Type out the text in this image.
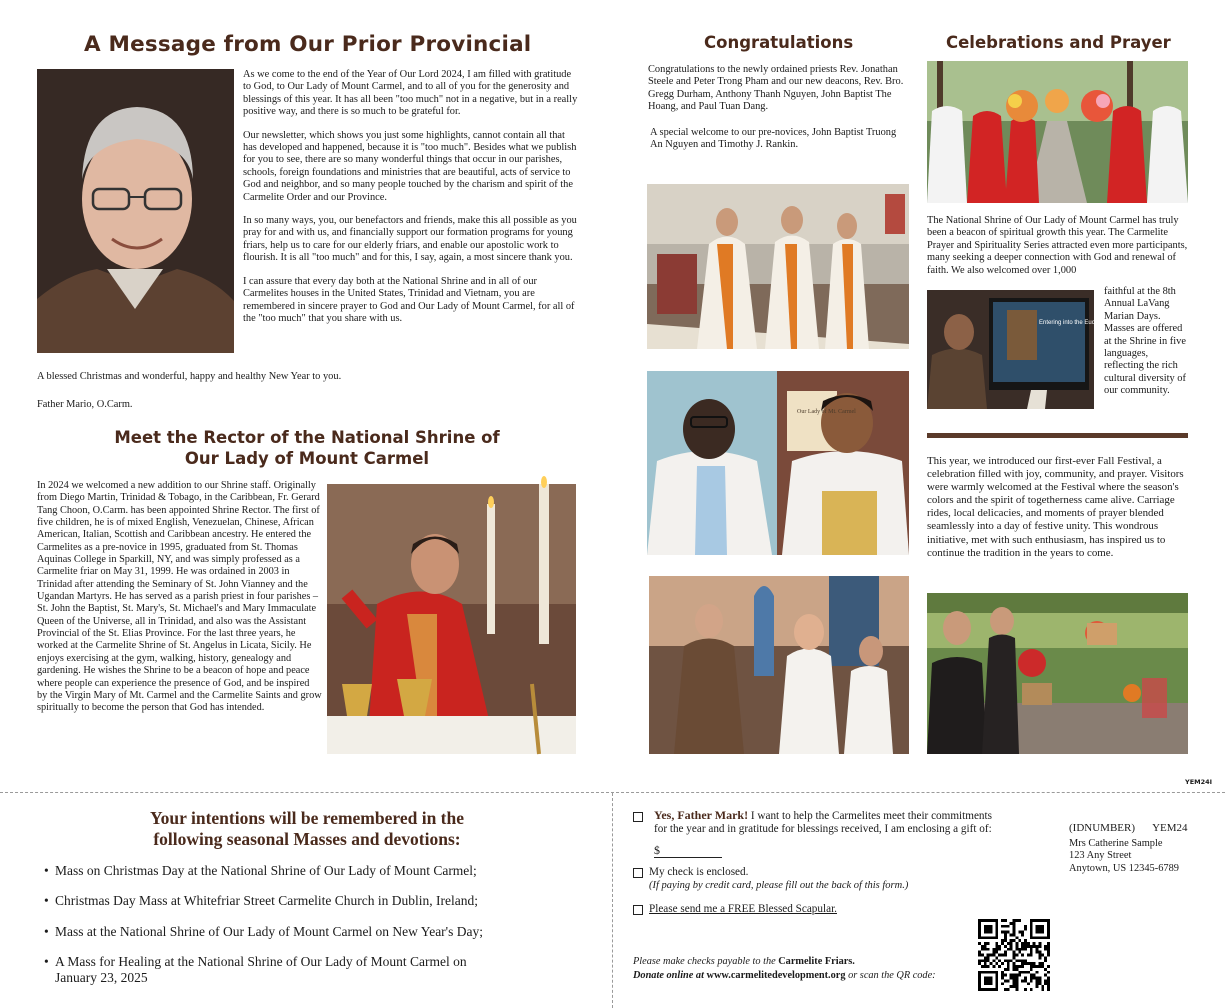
A Message from Our Prior Provincial

As we come to the end of the Year of Our Lord 2024, I am filled with gratitude to God, to Our Lady of Mount Carmel, and to all of you for the generosity and blessings of this year. It has all been "too much" not in a negative, but in a really positive way, and there is so much to be grateful for.

Our newsletter, which shows you just some highlights, cannot contain all that has developed and happened, because it is "too much". Besides what we publish for you to see, there are so many wonderful things that occur in our parishes, schools, foreign foundations and ministries that are beautiful, acts of service to God and neighbor, and so many people touched by the charism and spirit of the Carmelite Order and our Province.

In so many ways, you, our benefactors and friends, make this all possible as you pray for and with us, and financially support our formation programs for young friars, help us to care for our elderly friars, and enable our apostolic work to flourish. It is all "too much" and for this, I say, again, a most sincere thank you.

I can assure that every day both at the National Shrine and in all of our Carmelites houses in the United States, Trinidad and Vietnam, you are remembered in sincere prayer to God and Our Lady of Mount Carmel, for all of the "too much" that you share with us.

A blessed Christmas and wonderful, happy and healthy New Year to you.
Father Mario, O.Carm.
Meet the Rector of the National Shrine of
Our Lady of Mount Carmel
In 2024 we welcomed a new addition to our Shrine staff. Originally from Diego Martin, Trinidad & Tobago, in the Caribbean, Fr. Gerard Tang Choon, O.Carm. has been appointed Shrine Rector. The first of five children, he is of mixed English, Venezuelan, Chinese, African American, Italian, Scottish and Caribbean ancestry. He entered the Carmelites as a pre-novice in 1995, graduated from St. Thomas Aquinas College in Sparkill, NY, and was simply professed as a Carmelite friar on May 31, 1999. He was ordained in 2003 in Trinidad after attending the Seminary of St. John Vianney and the Ugandan Martyrs. He has served as a parish priest in four parishes – St. John the Baptist, St. Mary's, St. Michael's and Mary Immaculate Queen of the Universe, all in Trinidad, and also was the Assistant Provincial of the St. Elias Province. For the last three years, he worked at the Carmelite Shrine of St. Angelus in Licata, Sicily. He enjoys exercising at the gym, walking, history, genealogy and gardening. He wishes the Shrine to be a beacon of hope and peace where people can experience the presence of God, and be inspired by the Virgin Mary of Mt. Carmel and the Carmelite Saints and grow spiritually to become the person that God has intended.
Congratulations

Congratulations to the newly ordained priests Rev. Jonathan Steele and Peter Trong Pham and our new deacons, Rev. Bro. Gregg Durham, Anthony Thanh Nguyen, John Baptist The Hoang, and Paul Tuan Dang.

A special welcome to our pre-novices, John Baptist Truong An Nguyen and Timothy J. Rankin.

Our Lady of Mt. Carmel
Celebrations and Prayer
The National Shrine of Our Lady of Mount Carmel has truly been a beacon of spiritual growth this year. The Carmelite Prayer and Spirituality Series attracted even more participants, many seeking a deeper connection with God and renewal of faith. We also welcomed over 1,000
Entering into the Eucharistic Prayer
faithful at the 8th Annual LaVang Marian Days. Masses are offered at the Shrine in five languages, reflecting the rich cultural diversity of our community.
This year, we introduced our first-ever Fall Festival, a celebration filled with joy, community, and prayer. Visitors were warmly welcomed at the Festival where the season's colors and the spirit of togetherness came alive. Carriage rides, local delicacies, and moments of prayer blended seamlessly into a day of festive unity. This wondrous initiative, met with such enthusiasm, has inspired us to continue the tradition in the years to come.
YEM24I
Your intentions will be remembered in the
following seasonal Masses and devotions:
• Mass on Christmas Day at the National Shrine of Our Lady of Mount Carmel;
• Christmas Day Mass at Whitefriar Street Carmelite Church in Dublin, Ireland;
• Mass at the National Shrine of Our Lady of Mount Carmel on New Year's Day;
• A Mass for Healing at the National Shrine of Our Lady of Mount Carmel on
January 23, 2025
Yes, Father Mark! I want to help the Carmelites meet their commitments
for the year and in gratitude for blessings received, I am enclosing a gift of:
$
My check is enclosed.
(If paying by credit card, please fill out the back of this form.)
Please send me a FREE Blessed Scapular.
Please make checks payable to the Carmelite Friars.
Donate online at www.carmelitedevelopment.org or scan the QR code:
(IDNUMBER) YEM24
Mrs Catherine Sample
123 Any Street
Anytown, US 12345-6789
